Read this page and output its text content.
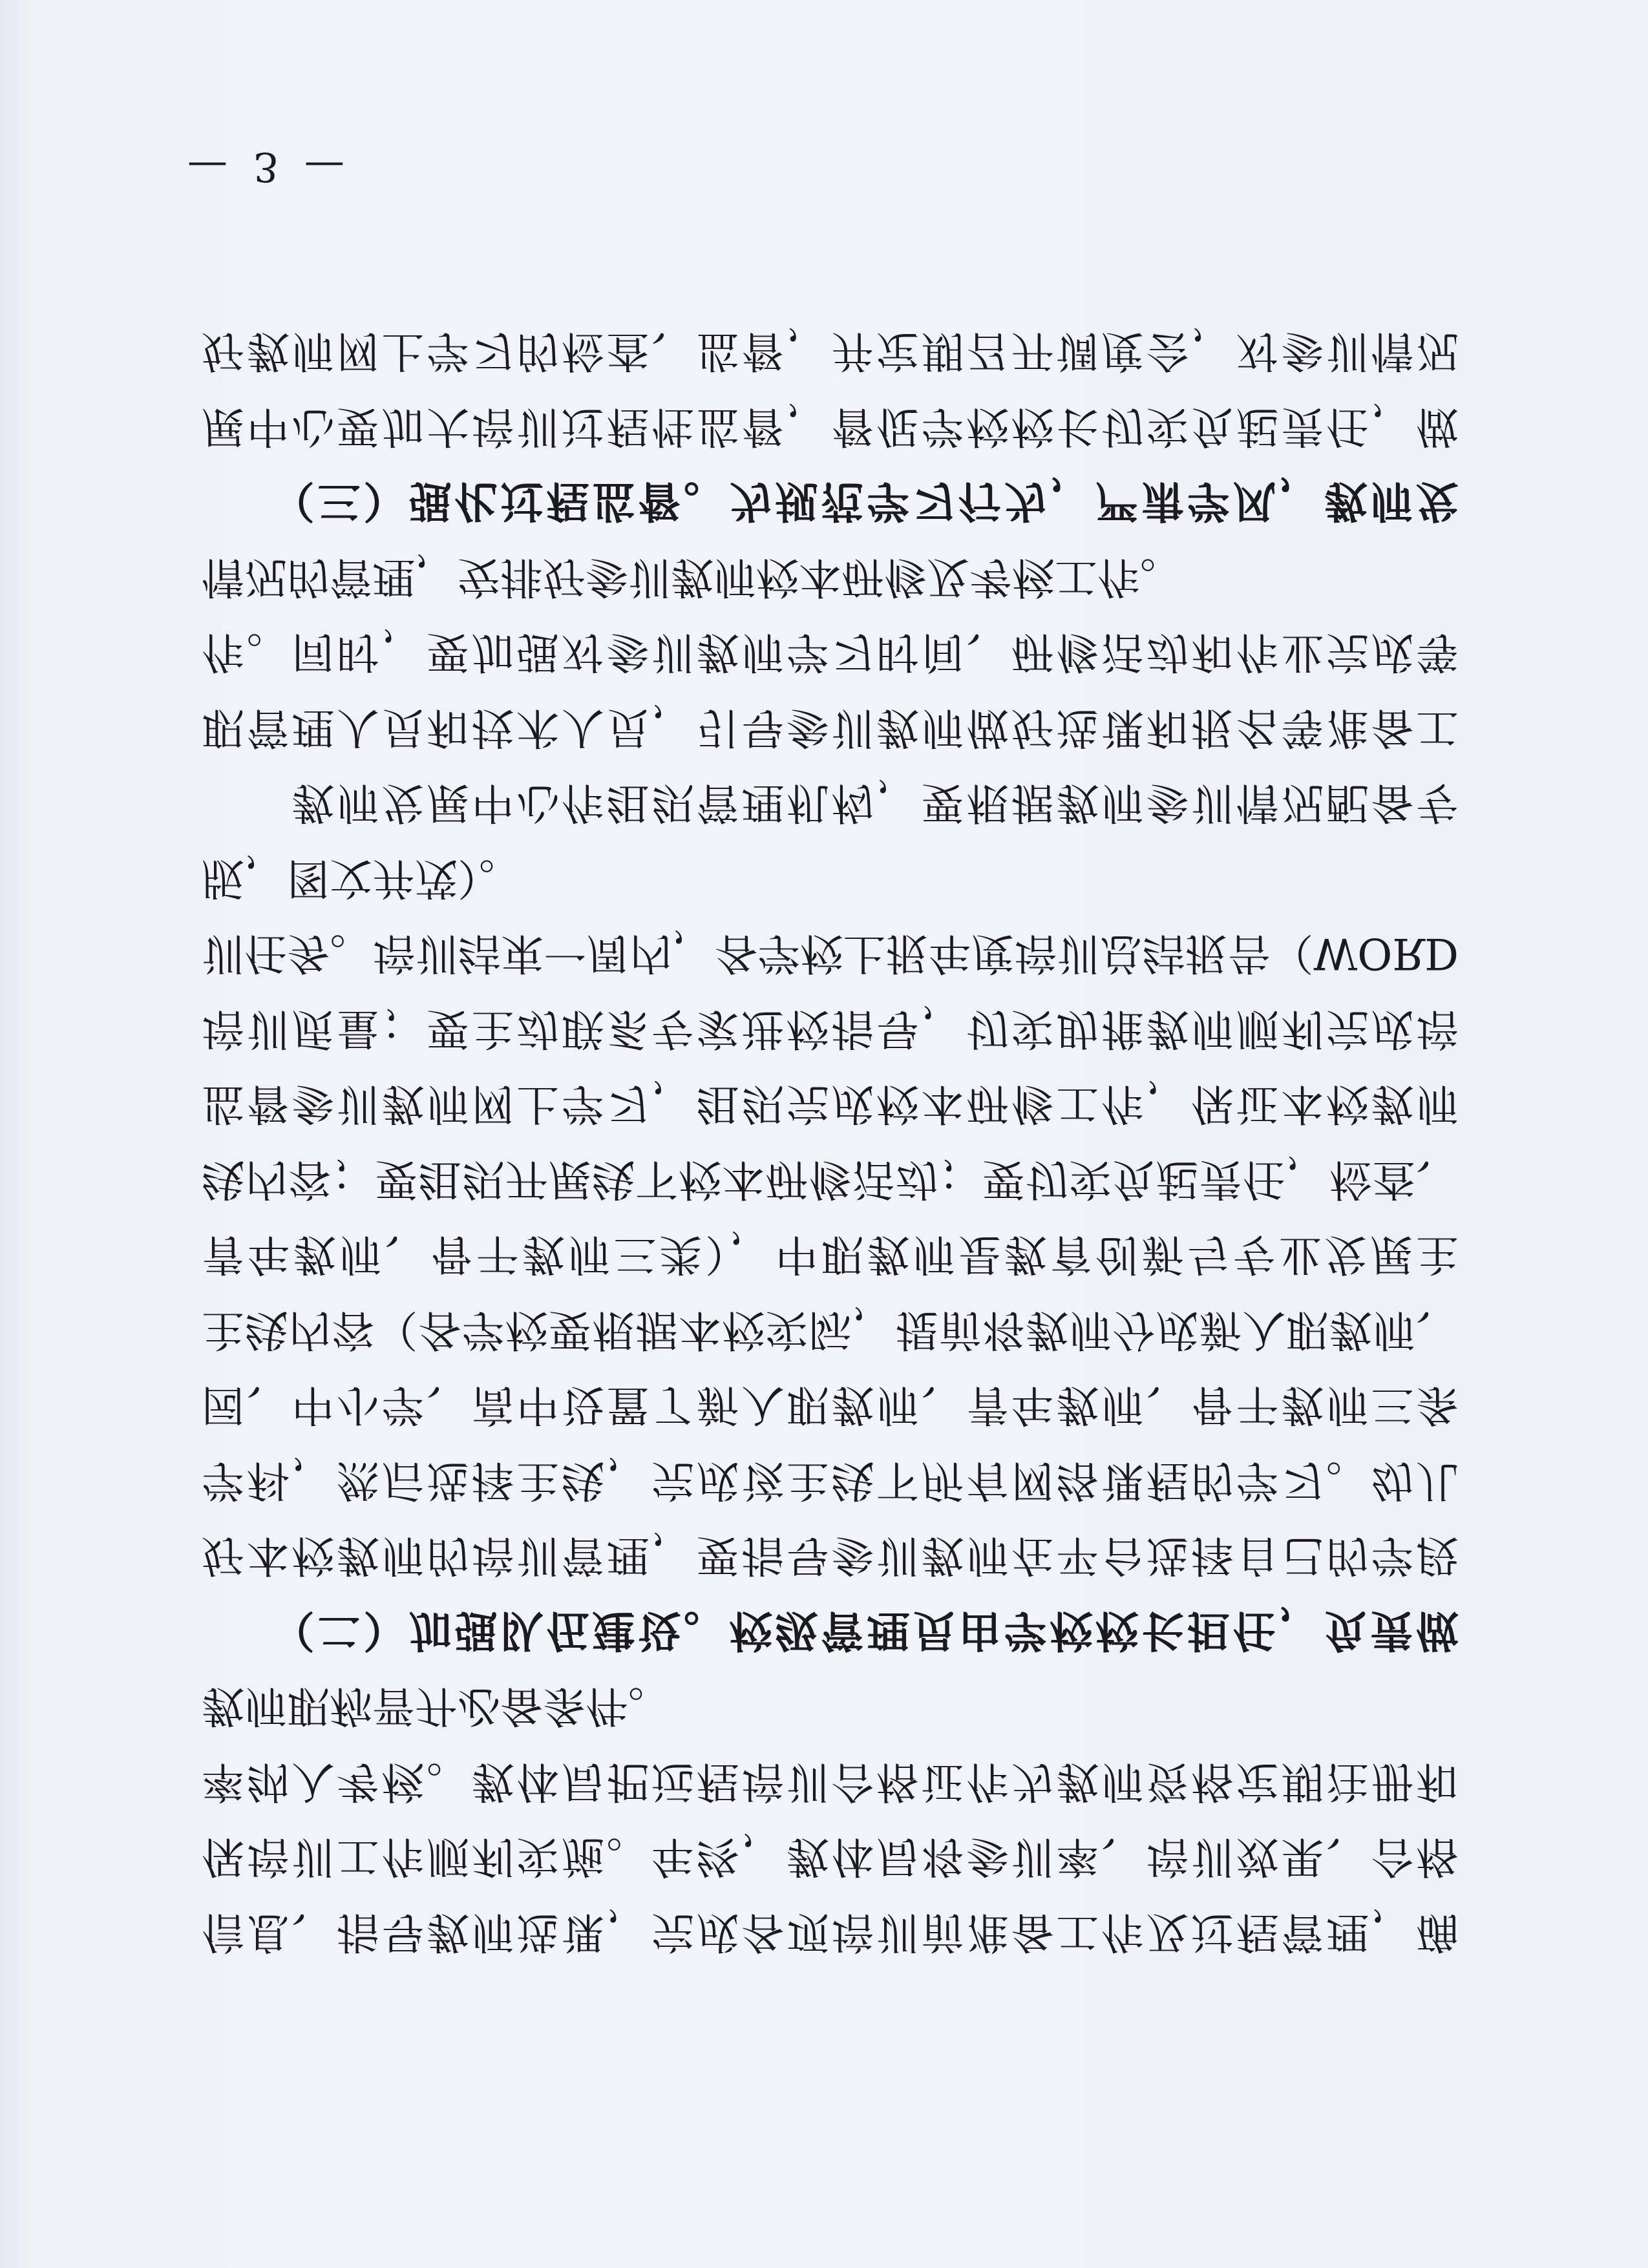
信息、指导教师选课，完成各项培训前准备工作及过程管理，确
保培训工作顺利实施。年终，教体局将参训率、培训效果、合格
率纳入考核。教体局把远程培训合格证作为教师资格定期注册和
教师职称晋升必备条件。
　　（二）加强队伍建设。校级管理员由学校校长担任，负责做
好本校教师的培训管理，要指导参训教师在平台选择自己的学段
学科，然后选择主线，完成该主线下所有网络课程的学习。幼儿
园、中小学、高中设置了新入职教师、青年教师、骨干教师三条
主线内容（各学校要根据本校实际，提前将教师分成新入职教师、
青年教师、骨干教师三类），中职教师是教育创新与专业发展主
线内容；要组织开展线下校本研修活动；要切实负起责任，检查、
监督参训教师网上学习，组织完成校本研修工作，保证本校教师
培训质量；要主动联系专家进校指导，切实助推教师顺利完成培
训任务。培训结束一周内，各学校上报年度培训总结报告（WORD
版，图文并茂）。
　　教师发展中心作组织管理机构，要根据教师参训情况配备专
职管理人员和技术人员，引导参训教师做好选课和报名等准备工
作。同时，要加强对参训教师学习时间、研修活动和作业完成等
情况的管理，安排好参训教师校本研修及考核工作。
　　（三）强化过程监督。为规范学习行为，严肃学风，教师发
展中心要加大培训过程性监督，督促学校校长切实负起责任，做
好教师网上学习的检查、监督，并定期召开调度会，对参训情况
— 3 —
